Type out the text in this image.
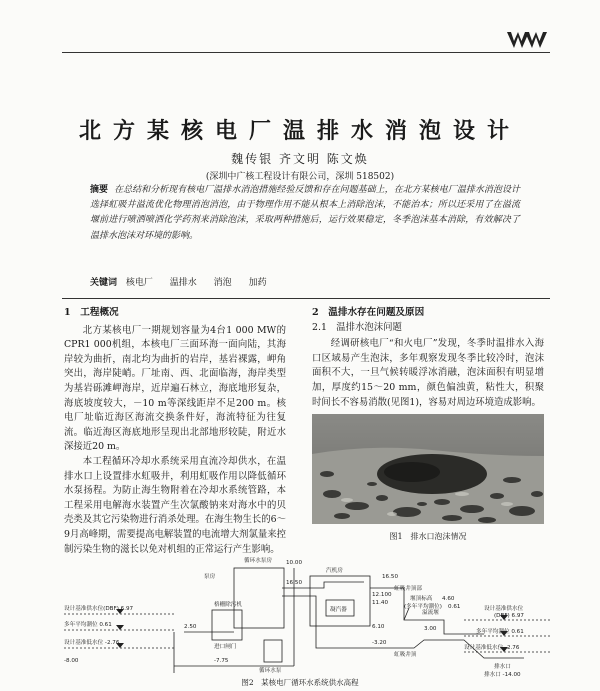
北方某核电厂温排水消泡设计
魏传银 齐文明 陈文焕
(深圳中广核工程设计有限公司，深圳 518502)
摘要 在总结和分析现有核电厂温排水消泡措施经验反馈和存在问题基础上，在北方某核电厂温排水消泡设计选择虹吸井溢流优化物理消泡消泡，由于物理作用不能从根本上消除泡沫，不能治本；所以还采用了在溢流堰前进行喷洒喷洒化学药剂来消除泡沫，采取两种措施后，运行效果稳定，冬季泡沫基本消除，有效解决了温排水泡沫对环境的影响。
关键词 核电厂 温排水 消泡 加药

1　工程概况

北方某核电厂一期规划容量为4台1 000 MW的CPR1 000机组，本核电厂三面环海一面向陆，其海岸较为曲折，南北均为曲折的岩岸，基岩裸露，岬角突出，海岸陡峭。厂址南、西、北面临海，海岸类型为基岩砾滩岬海岸，近岸遍石林立，海底地形复杂，海底坡度较大，－10 m等深线距岸不足200 m。核电厂址临近海区海流交换条件好，海流特征为往复流。临近海区海底地形呈现出北部地形较陡，附近水深接近20 m。

本工程循环冷却水系统采用直流冷却供水，在温排水口上设置排水虹吸井，利用虹吸作用以降低循环水泵扬程。为防止海生物附着在冷却水系统管路，本工程采用电解海水装置产生次氯酸钠来对海水中的贝壳类及其它污染物进行消杀处理。在海生物生长的6～9月高峰期，需要提高电解装置的电流增大剂氯量来控制污染生物的滋长以免对机组的正常运行产生影响。

2　温排水存在问题及原因

2.1　温排水泡沫问题

经调研核电厂“和火电厂”发现，冬季时温排水入海口区域易产生泡沫，多年观察发现冬季比较冷时，泡沫面积不大，一旦气候转暖浮冰消融，泡沫面积有明显增加，厚度约15～20 mm，颜色偏浊黄，粘性大，积聚时间长不容易消散(见图1)，容易对周边环境造成影响。

图1　排水口泡沫情况
循环水泵房
泵房
格栅除污机
进口闸门
循环水泵
设计基准供水位(DBF) 6.97
多年平均潮位 0.61
设计基准低水位 -2.76
-8.00
10.00
16.50
2.50
-7.75
汽机房
凝汽器
16.50
12.100
11.40
6.10
-3.20
虹吸井顶部
溢流堰
堰顶标高 4.60
3.00
(多年平均潮位) 0.61
虹吸井顶
排水口
设计基准供水位
(DBF) 6.97
多年平均潮位 0.61
设计基准低水位 -2.76
排水口 -14.00
图2　某核电厂循环水系统供水高程
